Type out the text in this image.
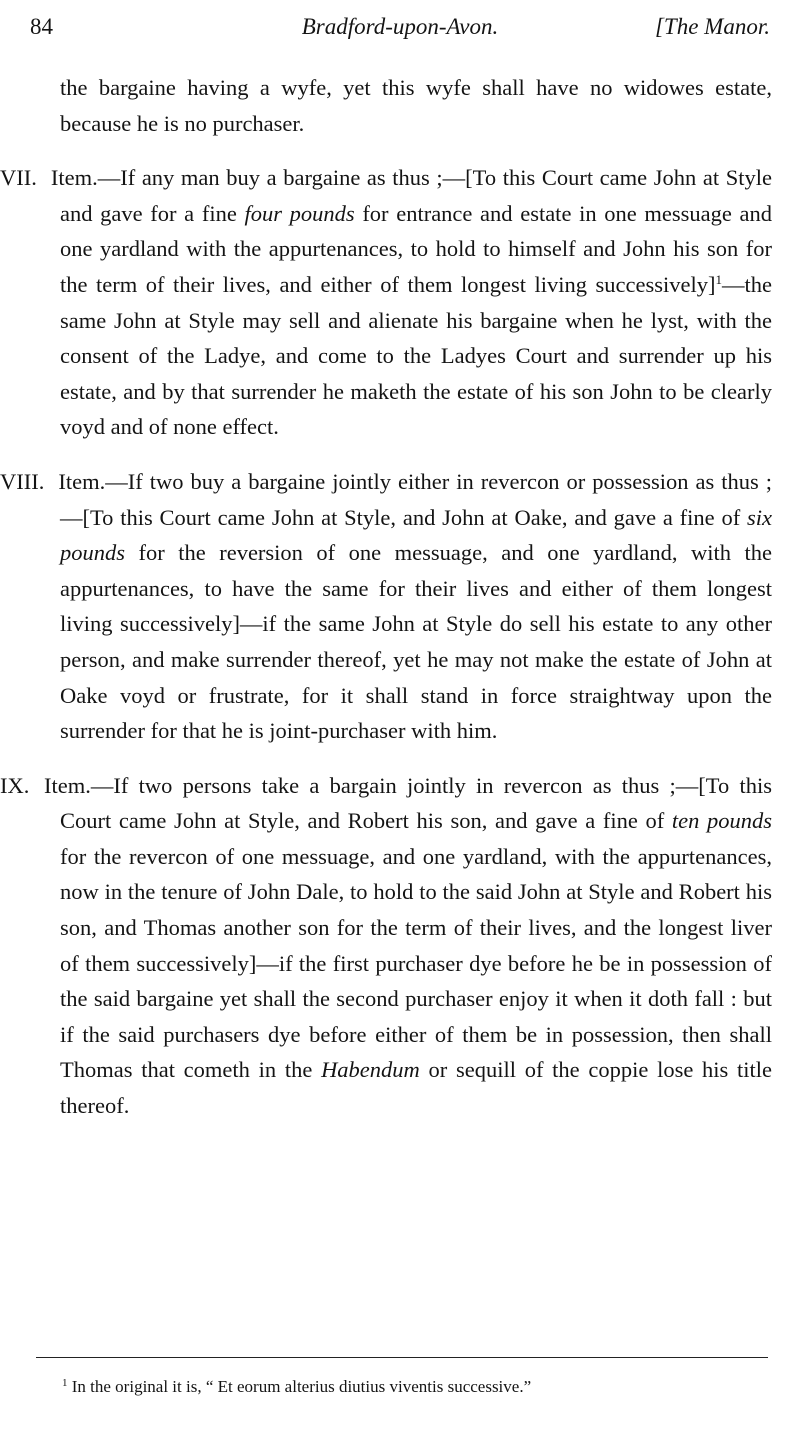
84	Bradford-upon-Avon.	[The Manor.

the bargaine having a wyfe, yet this wyfe shall have no widowes estate, because he is no purchaser.

VII. Item.—If any man buy a bargaine as thus ;—[To this Court came John at Style and gave for a fine four pounds for entrance and estate in one messuage and one yardland with the appurtenances, to hold to himself and John his son for the term of their lives, and either of them longest living successively]$^1$—the same John at Style may sell and alienate his bargaine when he lyst, with the consent of the Ladye, and come to the Ladyes Court and surrender up his estate, and by that surrender he maketh the estate of his son John to be clearly voyd and of none effect.

VIII. Item.—If two buy a bargaine jointly either in revercon or possession as thus ;—[To this Court came John at Style, and John at Oake, and gave a fine of six pounds for the reversion of one messuage, and one yardland, with the appurtenances, to have the same for their lives and either of them longest living successively]—if the same John at Style do sell his estate to any other person, and make surrender thereof, yet he may not make the estate of John at Oake voyd or frustrate, for it shall stand in force straightway upon the surrender for that he is joint-purchaser with him.

IX. Item.—If two persons take a bargain jointly in revercon as thus ;—[To this Court came John at Style, and Robert his son, and gave a fine of ten pounds for the revercon of one messuage, and one yardland, with the appurtenances, now in the tenure of John Dale, to hold to the said John at Style and Robert his son, and Thomas another son for the term of their lives, and the longest liver of them successively]—if the first purchaser dye before he be in possession of the said bargaine yet shall the second purchaser enjoy it when it doth fall : but if the said purchasers dye before either of them be in possession, then shall Thomas that cometh in the Habendum or sequill of the coppie lose his title thereof.

$^1$ In the original it is, “ Et eorum alterius diutius viventis successive.”
